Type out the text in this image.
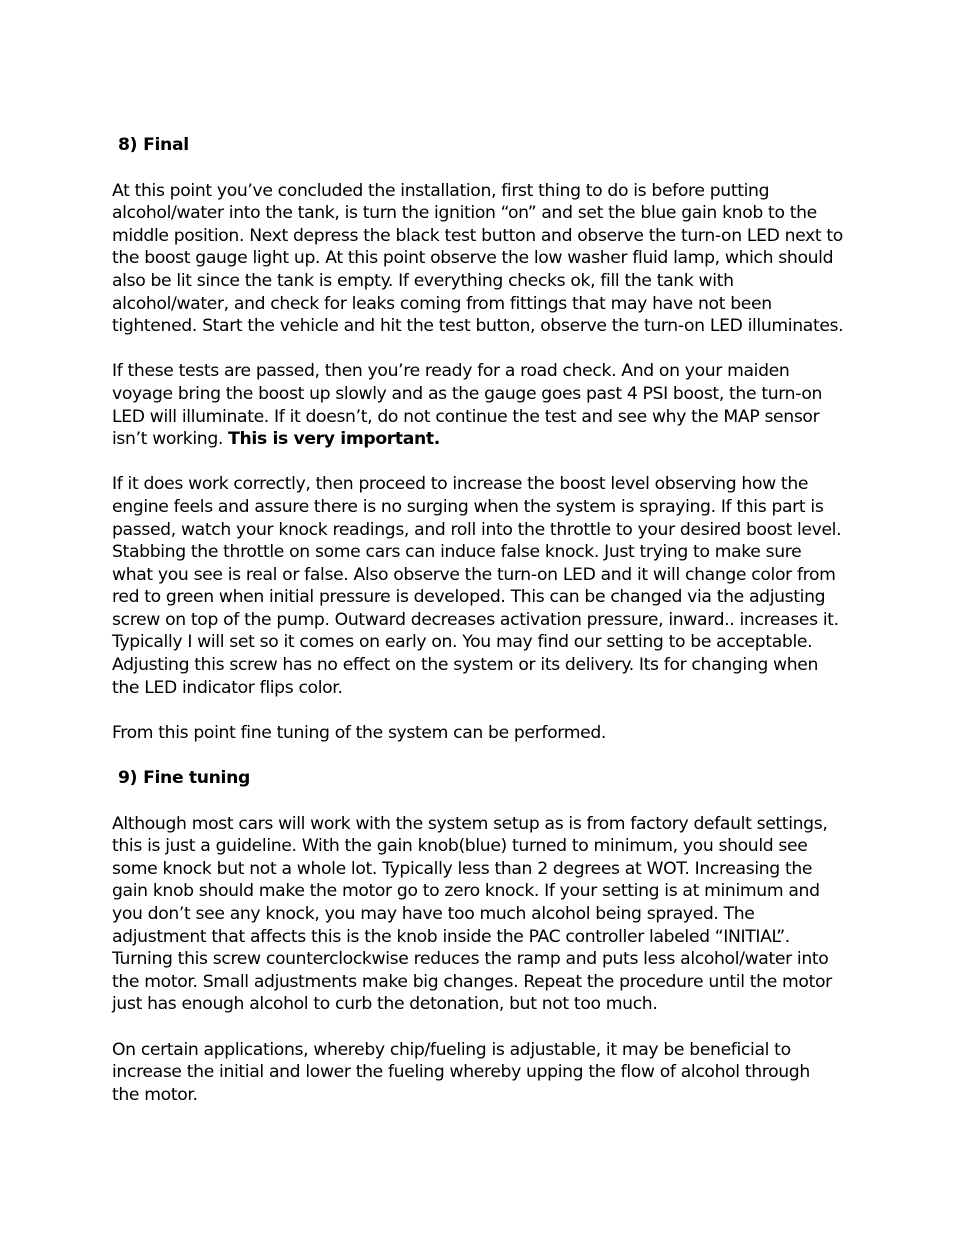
8) Final
At this point you’ve concluded the installation, first thing to do is before putting
alcohol/water into the tank, is turn the ignition “on” and set the blue gain knob to the
middle position. Next depress the black test button and observe the turn-on LED next to
the boost gauge light up. At this point observe the low washer fluid lamp, which should
also be lit since the tank is empty. If everything checks ok, fill the tank with
alcohol/water, and check for leaks coming from fittings that may have not been
tightened. Start the vehicle and hit the test button, observe the turn-on LED illuminates.
If these tests are passed, then you’re ready for a road check. And on your maiden
voyage bring the boost up slowly and as the gauge goes past 4 PSI boost, the turn-on
LED will illuminate. If it doesn’t, do not continue the test and see why the MAP sensor
isn’t working. This is very important.
If it does work correctly, then proceed to increase the boost level observing how the
engine feels and assure there is no surging when the system is spraying. If this part is
passed, watch your knock readings, and roll into the throttle to your desired boost level.
Stabbing the throttle on some cars can induce false knock. Just trying to make sure
what you see is real or false. Also observe the turn-on LED and it will change color from
red to green when initial pressure is developed. This can be changed via the adjusting
screw on top of the pump. Outward decreases activation pressure, inward.. increases it.
Typically I will set so it comes on early on. You may find our setting to be acceptable.
Adjusting this screw has no effect on the system or its delivery. Its for changing when
the LED indicator flips color.
From this point fine tuning of the system can be performed.
9) Fine tuning
Although most cars will work with the system setup as is from factory default settings,
this is just a guideline. With the gain knob(blue) turned to minimum, you should see
some knock but not a whole lot. Typically less than 2 degrees at WOT. Increasing the
gain knob should make the motor go to zero knock. If your setting is at minimum and
you don’t see any knock, you may have too much alcohol being sprayed. The
adjustment that affects this is the knob inside the PAC controller labeled “INITIAL”.
Turning this screw counterclockwise reduces the ramp and puts less alcohol/water into
the motor. Small adjustments make big changes. Repeat the procedure until the motor
just has enough alcohol to curb the detonation, but not too much.
On certain applications, whereby chip/fueling is adjustable, it may be beneficial to
increase the initial and lower the fueling whereby upping the flow of alcohol through
the motor.
